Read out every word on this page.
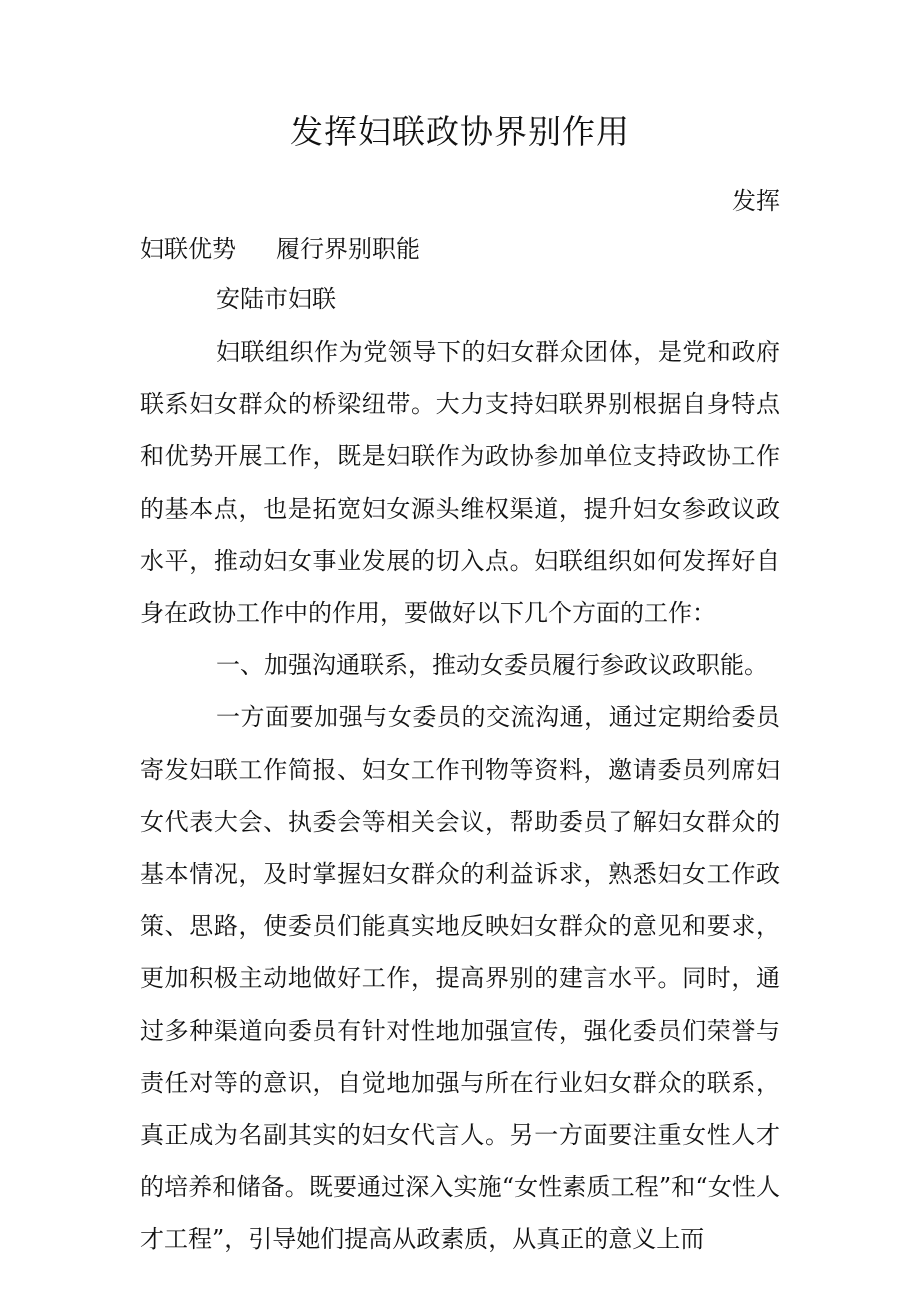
发挥妇联政协界别作用
发挥
妇联优势 履行界别职能
安陆市妇联

妇联组织作为党领导下的妇女群众团体，是党和政府联系妇女群众的桥梁纽带。大力支持妇联界别根据自身特点和优势开展工作，既是妇联作为政协参加单位支持政协工作的基本点，也是拓宽妇女源头维权渠道，提升妇女参政议政水平，推动妇女事业发展的切入点。妇联组织如何发挥好自身在政协工作中的作用，要做好以下几个方面的工作：

一、加强沟通联系，推动女委员履行参政议政职能。

一方面要加强与女委员的交流沟通，通过定期给委员寄发妇联工作简报、妇女工作刊物等资料，邀请委员列席妇女代表大会、执委会等相关会议，帮助委员了解妇女群众的基本情况，及时掌握妇女群众的利益诉求，熟悉妇女工作政策、思路，使委员们能真实地反映妇女群众的意见和要求，更加积极主动地做好工作，提高界别的建言水平。同时，通过多种渠道向委员有针对性地加强宣传，强化委员们荣誉与责任对等的意识，自觉地加强与所在行业妇女群众的联系，真正成为名副其实的妇女代言人。另一方面要注重女性人才的培养和储备。既要通过深入实施“女性素质工程”和“女性人才工程”，引导她们提高从政素质，从真正的意义上而
